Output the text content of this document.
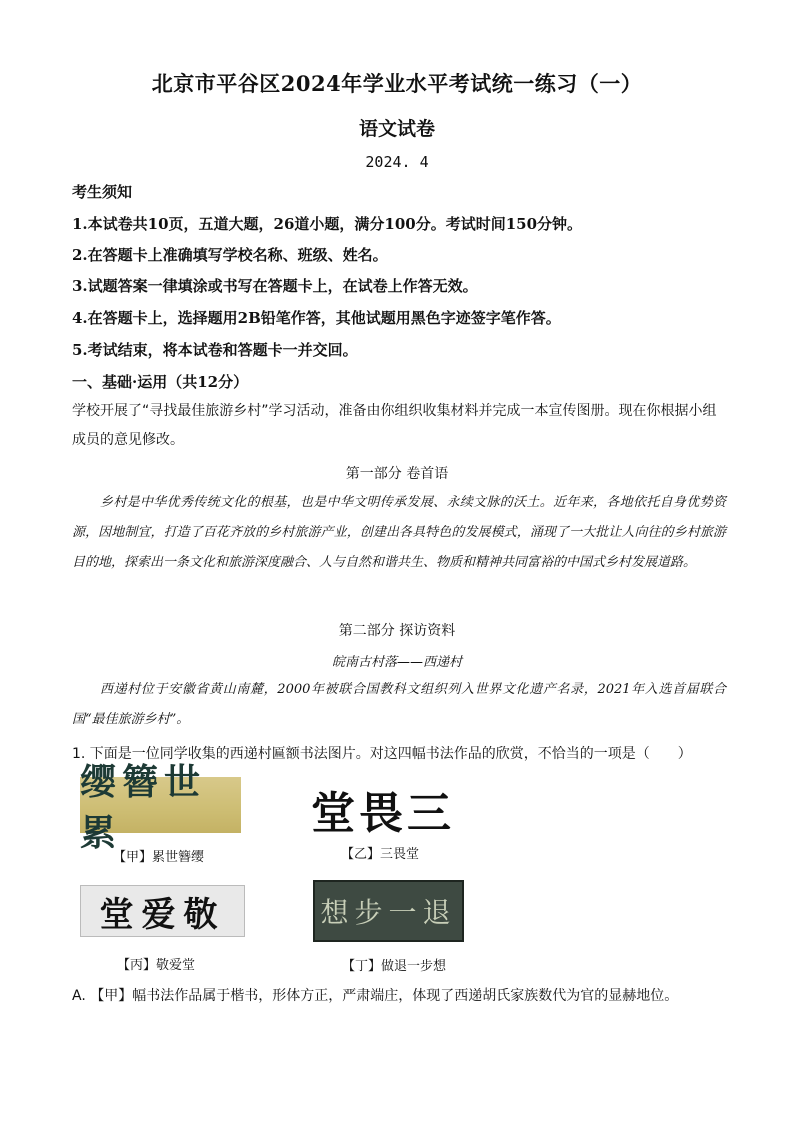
北京市平谷区2024年学业水平考试统一练习（一）
语文试卷
2024. 4
考生须知
1.本试卷共10页，五道大题，26道小题，满分100分。考试时间150分钟。
2.在答题卡上准确填写学校名称、班级、姓名。
3.试题答案一律填涂或书写在答题卡上，在试卷上作答无效。
4.在答题卡上，选择题用2B铅笔作答，其他试题用黑色字迹签字笔作答。
5.考试结束，将本试卷和答题卡一并交回。
一、基础·运用（共12分）
学校开展了“寻找最佳旅游乡村”学习活动，准备由你组织收集材料并完成一本宣传图册。现在你根据小组成员的意见修改。
第一部分 卷首语
乡村是中华优秀传统文化的根基，也是中华文明传承发展、永续文脉的沃土。近年来，各地依托自身优势资源，因地制宜，打造了百花齐放的乡村旅游产业，创建出各具特色的发展模式，涌现了一大批让人向往的乡村旅游目的地，探索出一条文化和旅游深度融合、人与自然和谐共生、物质和精神共同富裕的中国式乡村发展道路。
第二部分 探访资料
皖南古村落——西递村
西递村位于安徽省黄山南麓，2000年被联合国教科文组织列入世界文化遗产名录，2021年入选首届联合国“最佳旅游乡村”。
1. 下面是一位同学收集的西递村匾额书法图片。对这四幅书法作品的欣赏，不恰当的一项是（　　）
缨簪世累
【甲】累世簪缨
堂畏三
【乙】三畏堂
堂爱敬
【丙】敬爱堂
想步一退
【丁】做退一步想
A. 【甲】幅书法作品属于楷书，形体方正，严肃端庄，体现了西递胡氏家族数代为官的显赫地位。
